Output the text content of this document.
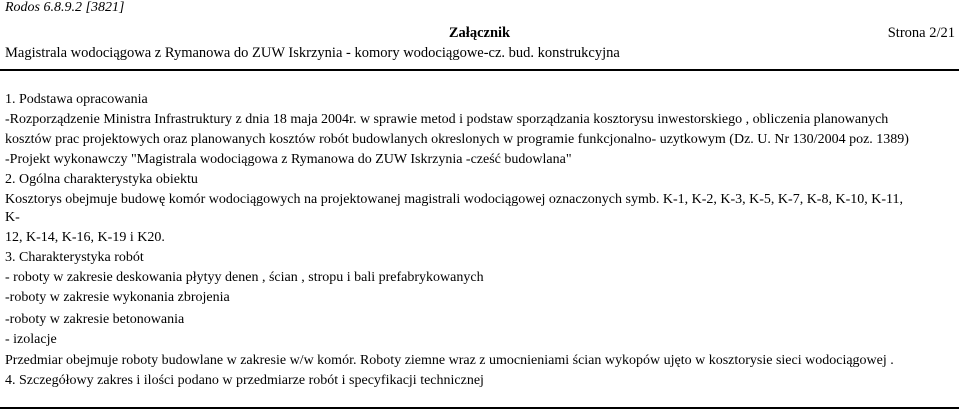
Rodos 6.8.9.2 [3821]
Załącznik	Strona 2/21
Magistrala wodociągowa z Rymanowa do ZUW Iskrzynia - komory wodociągowe-cz. bud. konstrukcyjna
1. Podstawa opracowania
-Rozporządzenie Ministra Infrastruktury z dnia 18 maja 2004r. w sprawie metod i podstaw sporządzania kosztorysu inwestorskiego , obliczenia planowanych
kosztów prac projektowych oraz planowanych kosztów robót budowlanych okreslonych w programie funkcjonalno- uzytkowym (Dz. U. Nr 130/2004 poz. 1389)
-Projekt wykonawczy "Magistrala wodociągowa z Rymanowa do ZUW Iskrzynia -cześć budowlana"
2. Ogólna charakterystyka obiektu
Kosztorys obejmuje budowę komór wodociągowych na projektowanej magistrali wodociągowej oznaczonych symb. K-1, K-2, K-3, K-5, K-7, K-8, K-10, K-11,
K-
12, K-14, K-16, K-19 i K20.
3. Charakterystyka robót
- roboty w zakresie deskowania płytyy denen , ścian , stropu i bali prefabrykowanych
-roboty w zakresie wykonania zbrojenia
-roboty w zakresie betonowania
- izolacje
Przedmiar obejmuje roboty budowlane w zakresie w/w komór. Roboty ziemne wraz z umocnieniami ścian wykopów ujęto w kosztorysie sieci wodociągowej .
4. Szczegółowy zakres i ilości podano w przedmiarze robót i specyfikacji technicznej
